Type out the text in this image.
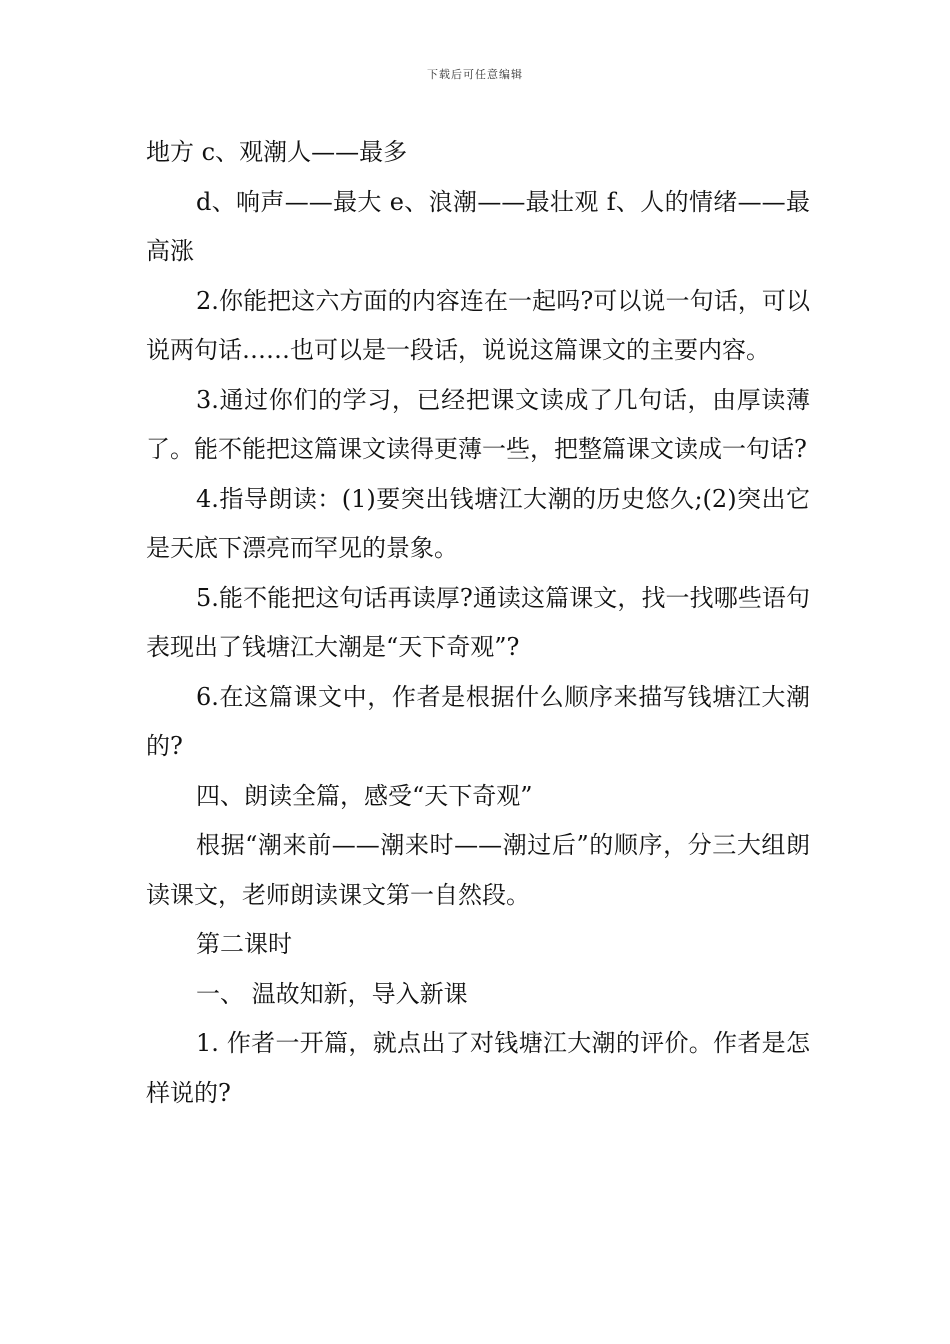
下载后可任意编辑

地方 c、观潮人——最多

d、响声——最大 e、浪潮——最壮观 f、人的情绪——最高涨

2.你能把这六方面的内容连在一起吗?可以说一句话，可以说两句话……也可以是一段话，说说这篇课文的主要内容。

3.通过你们的学习，已经把课文读成了几句话，由厚读薄了。能不能把这篇课文读得更薄一些，把整篇课文读成一句话?

4.指导朗读：(1)要突出钱塘江大潮的历史悠久;(2)突出它是天底下漂亮而罕见的景象。

5.能不能把这句话再读厚?通读这篇课文，找一找哪些语句表现出了钱塘江大潮是“天下奇观”?

6.在这篇课文中，作者是根据什么顺序来描写钱塘江大潮的?

四、朗读全篇，感受“天下奇观”

根据“潮来前——潮来时——潮过后”的顺序，分三大组朗读课文，老师朗读课文第一自然段。

第二课时

一、 温故知新，导入新课

1. 作者一开篇，就点出了对钱塘江大潮的评价。作者是怎样说的?
